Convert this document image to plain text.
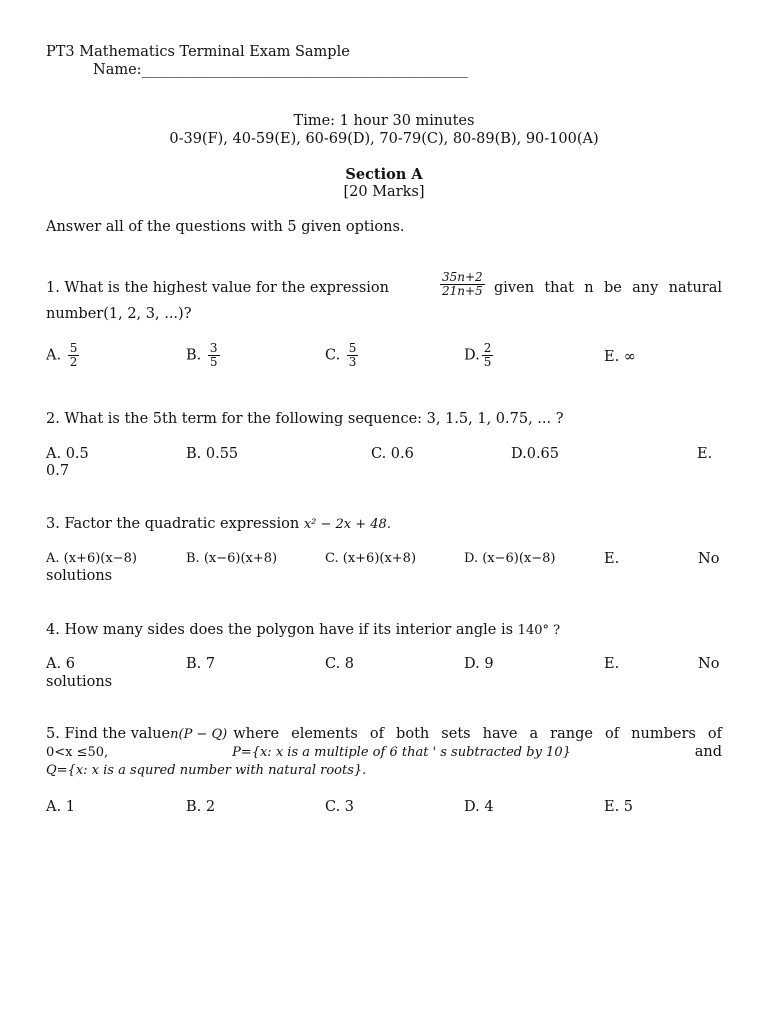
PT3 Mathematics Terminal Exam Sample
Name:_____________________________________________
Time: 1 hour 30 minutes
0-39(F), 40-59(E), 60-69(D), 70-79(C), 80-89(B), 90-100(A)
Section A
[20 Marks]
Answer all of the questions with 5 given options.
1. What is the highest value for the expression	$\frac{35n+2}{21n+5}$ given that n be any natural
number(1, 2, 3, ...)?
A. $\frac{5}{2}$	B. $\frac{3}{5}$	C. $\frac{5}{3}$	D. $\frac{2}{5}$	E. ∞
2. What is the 5th term for the following sequence: 3, 1.5, 1, 0.75, ... ?
A. 0.5	B. 0.55	C. 0.6	D.0.65	E.
0.7
3. Factor the quadratic expression x² − 2x + 48.
A. (x+6)(x−8)	B. (x−6)(x+8)	C. (x+6)(x+8)	D. (x−6)(x−8)	E.	No
solutions
4. How many sides does the polygon have if its interior angle is 140° ?
A. 6	B. 7	C. 8	D. 9	E.	No
solutions
5. Find the value n(P − Q) where elements of both sets have a range of numbers of
0<x ≤50,	P={x: x is a multiple of 6 that ' s subtracted by 10}	and
Q={x: x is a squred number with natural roots}.
A. 1	B. 2	C. 3	D. 4	E. 5
